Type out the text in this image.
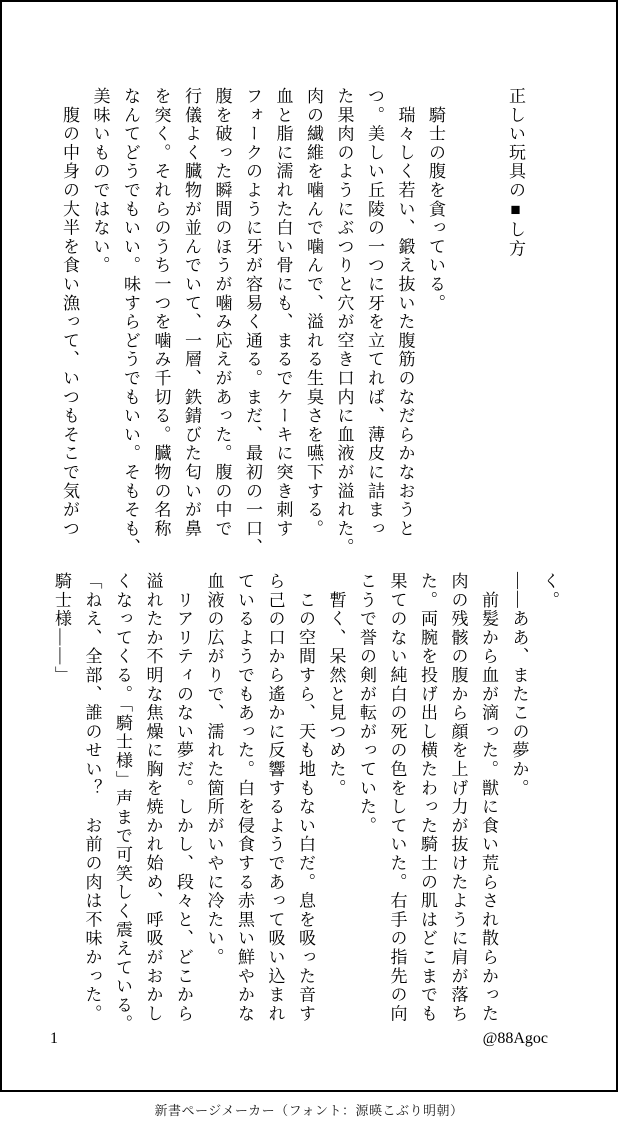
正しい玩具の■し方
　騎士の腹を貪っている。
　瑞々しく若い、鍛え抜いた腹筋のなだらかなおうと
つ。美しい丘陵の一つに牙を立てれば、薄皮に詰まっ
た果肉のようにぶつりと穴が空き口内に血液が溢れた。
肉の繊維を噛んで噛んで、溢れる生臭さを嚥下する。
血と脂に濡れた白い骨にも、まるでケーキに突き刺す
フォークのように牙が容易く通る。まだ、最初の一口、
腹を破った瞬間のほうが噛み応えがあった。腹の中で
行儀よく臓物が並んでいて、一層、鉄錆びた匂いが鼻
を突く。それらのうち一つを噛み千切る。臓物の名称
なんてどうでもいい。味すらどうでもいい。そもそも、
美味いものではない。
　腹の中身の大半を食い漁って、いつもそこで気がつ
く。
――ああ、またこの夢か。
　前髪から血が滴った。獣に食い荒らされ散らかった
肉の残骸の腹から顔を上げ力が抜けたように肩が落ち
た。両腕を投げ出し横たわった騎士の肌はどこまでも
果てのない純白の死の色をしていた。右手の指先の向
こうで誉の剣が転がっていた。
　暫く、呆然と見つめた。
　この空間すら、天も地もない白だ。息を吸った音す
ら己の口から遙かに反響するようであって吸い込まれ
ているようでもあった。白を侵食する赤黒い鮮やかな
血液の広がりで、濡れた箇所がいやに冷たい。
　リアリティのない夢だ。しかし、段々と、どこから
溢れたか不明な焦燥に胸を焼かれ始め、呼吸がおかし
くなってくる。「騎士様」声まで可笑しく震えている。
「ねえ、全部、誰のせい？　お前の肉は不味かった。
騎士様――」
1	@88Agoc
新書ページメーカー（フォント：源暎こぶり明朝）
